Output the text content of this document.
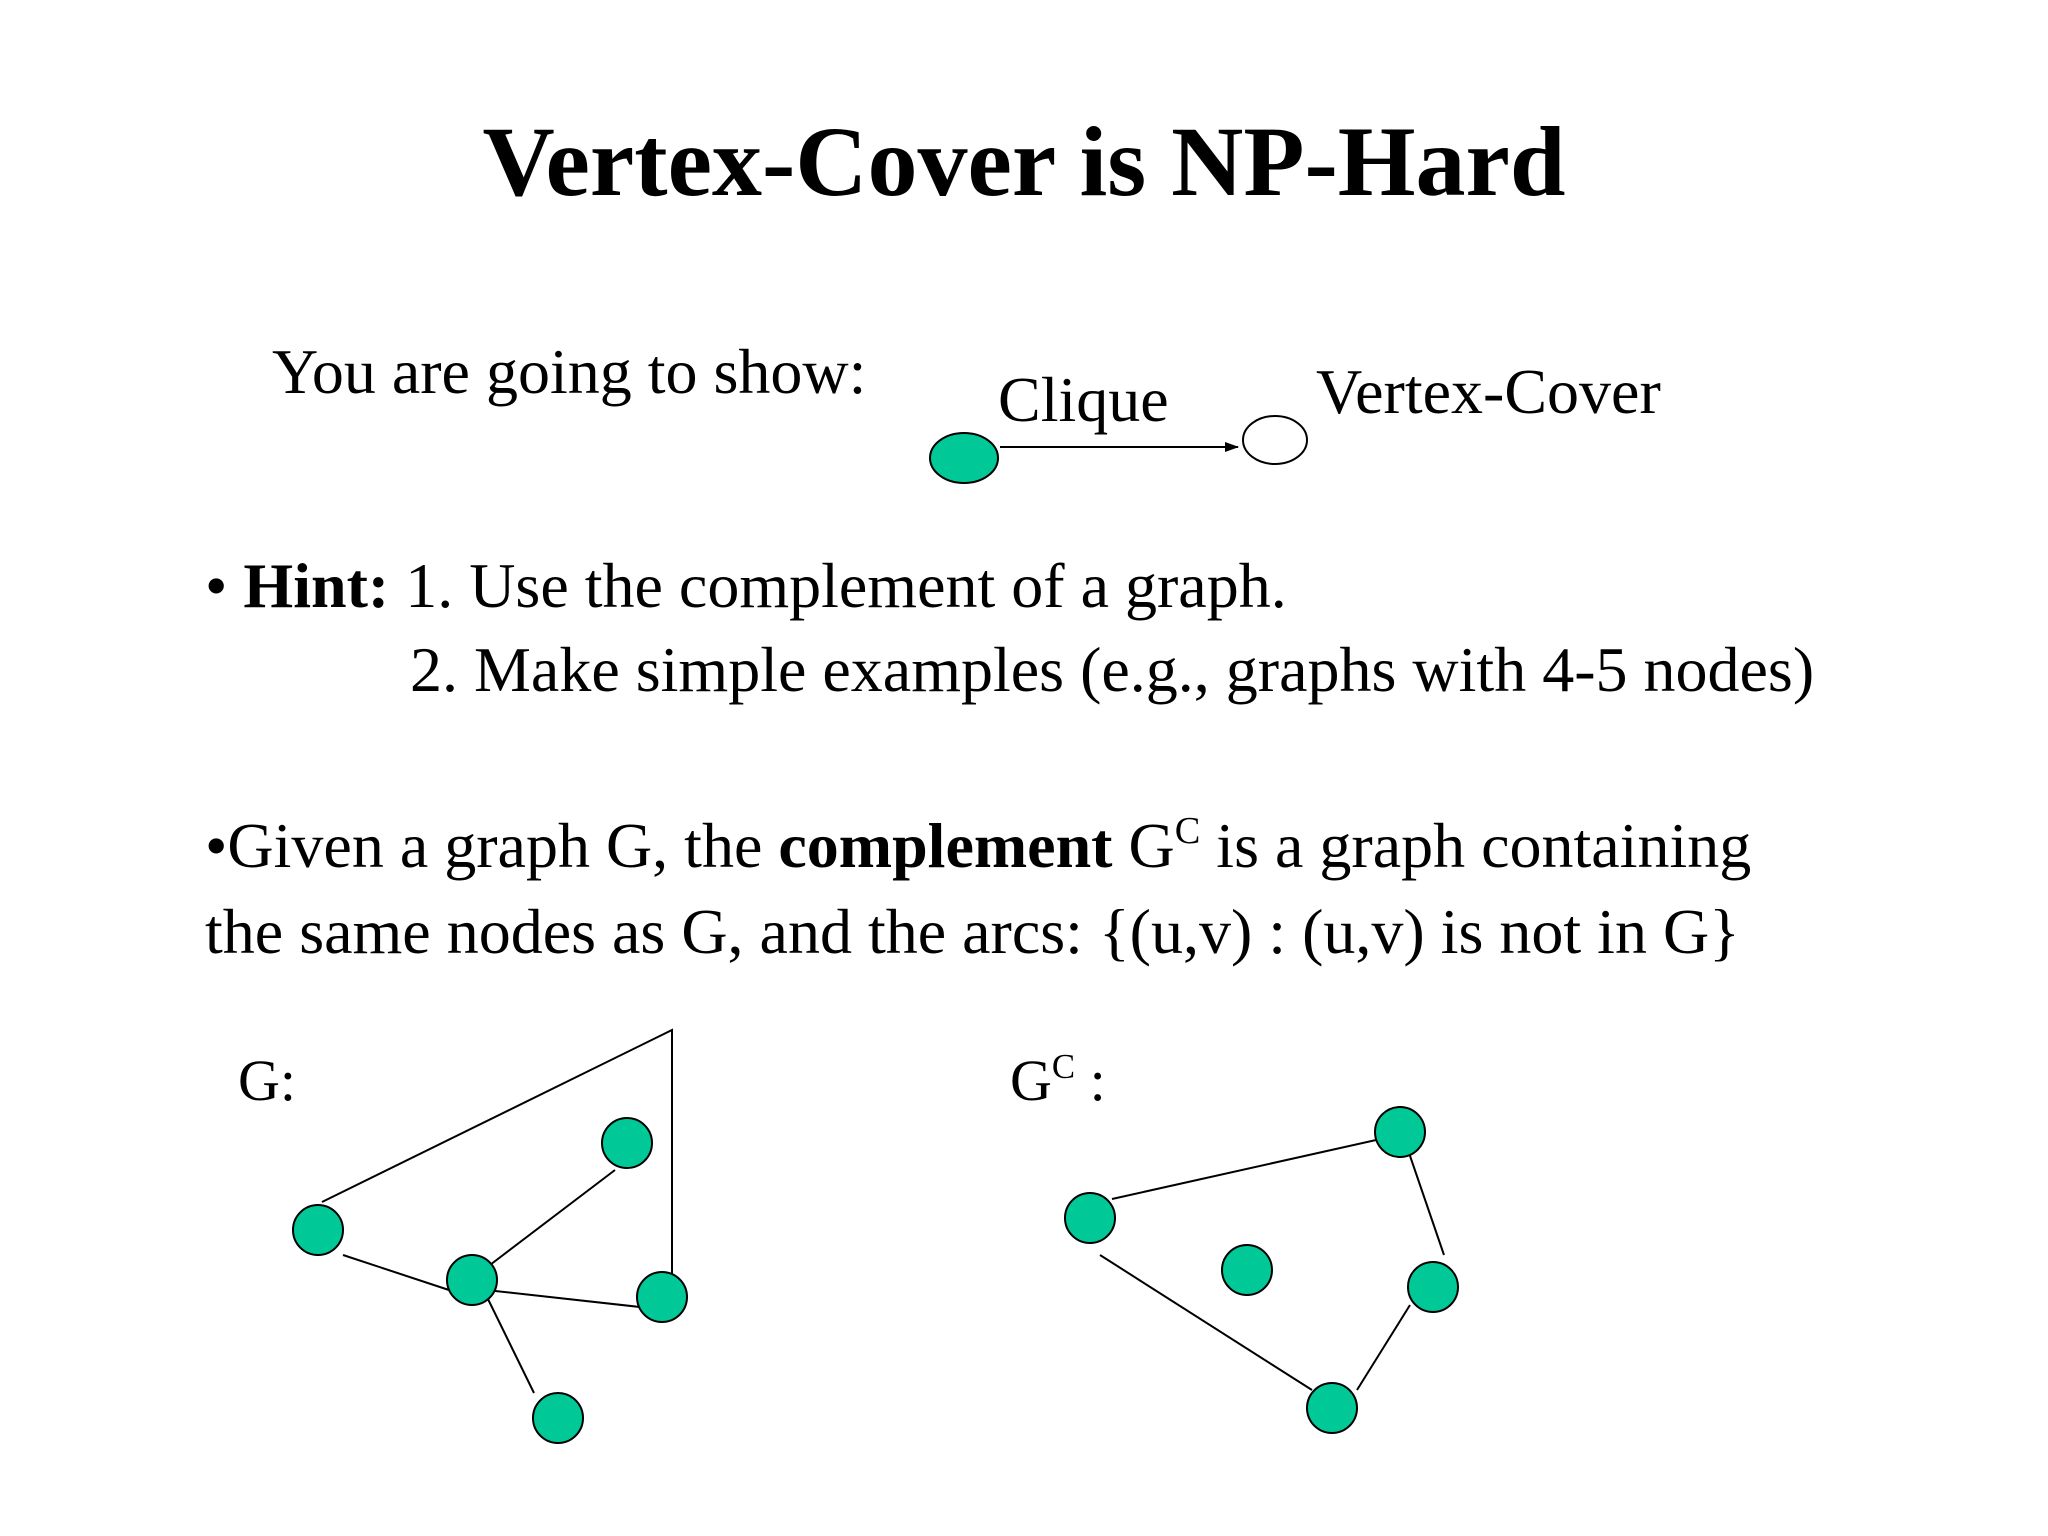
Vertex-Cover is NP-Hard
You are going to show: Clique Vertex-Cover
• Hint: 1. Use the complement of a graph.
2. Make simple examples (e.g., graphs with 4-5 nodes)
•Given a graph G, the complement $G^C$ is a graph containing
the same nodes as G, and the arcs: {(u,v) : (u,v) is not in G}
G:	$G^C$ :
